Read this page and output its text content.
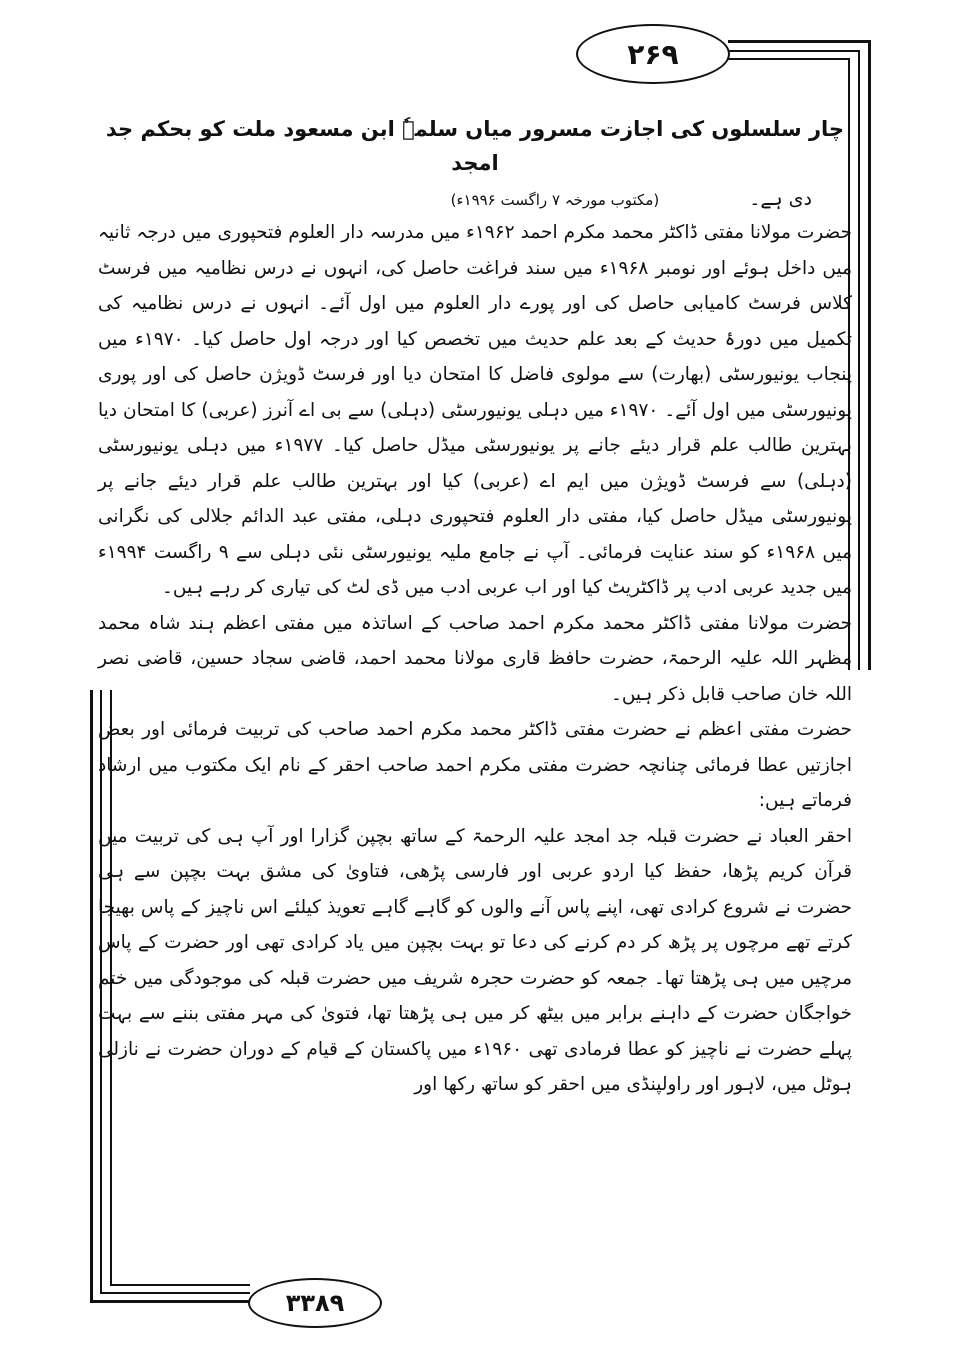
۲۶۹
۳۳۸۹
چار سلسلوں کی اجازت مسرور میاں سلمہٗ ابن مسعود ملت کو بحکم جد امجد
دی ہے۔
(مکتوب مورخہ ۷ راگست ۱۹۹۶ء)

حضرت مولانا مفتی ڈاکٹر محمد مکرم احمد ۱۹۶۲ء میں مدرسہ دار العلوم فتحپوری میں درجہ ثانیہ میں داخل ہوئے اور نومبر ۱۹۶۸ء میں سند فراغت حاصل کی، انہوں نے درس نظامیہ میں فرسٹ کلاس فرسٹ کامیابی حاصل کی اور پورے دار العلوم میں اول آئے۔ انہوں نے درس نظامیہ کی تکمیل میں دورۂ حدیث کے بعد علم حدیث میں تخصص کیا اور درجہ اول حاصل کیا۔ ۱۹۷۰ء میں پنجاب یونیورسٹی (بھارت) سے مولوی فاضل کا امتحان دیا اور فرسٹ ڈویژن حاصل کی اور پوری یونیورسٹی میں اول آئے۔ ۱۹۷۰ء میں دہلی یونیورسٹی (دہلی) سے بی اے آنرز (عربی) کا امتحان دیا بہترین طالب علم قرار دیئے جانے پر یونیورسٹی میڈل حاصل کیا۔ ۱۹۷۷ء میں دہلی یونیورسٹی (دہلی) سے فرسٹ ڈویژن میں ایم اے (عربی) کیا اور بہترین طالب علم قرار دیئے جانے پر یونیورسٹی میڈل حاصل کیا، مفتی دار العلوم فتحپوری دہلی، مفتی عبد الدائم جلالی کی نگرانی میں ۱۹۶۸ء کو سند عنایت فرمائی۔ آپ نے جامع ملیہ یونیورسٹی نئی دہلی سے ۹ راگست ۱۹۹۴ء میں جدید عربی ادب پر ڈاکٹریٹ کیا اور اب عربی ادب میں ڈی لٹ کی تیاری کر رہے ہیں۔

حضرت مولانا مفتی ڈاکٹر محمد مکرم احمد صاحب کے اساتذہ میں مفتی اعظم ہند شاہ محمد مظہر اللہ علیہ الرحمۃ، حضرت حافظ قاری مولانا محمد احمد، قاضی سجاد حسین، قاضی نصر اللہ خان صاحب قابل ذکر ہیں۔

حضرت مفتی اعظم نے حضرت مفتی ڈاکٹر محمد مکرم احمد صاحب کی تربیت فرمائی اور بعض اجازتیں عطا فرمائی چنانچہ حضرت مفتی مکرم احمد صاحب احقر کے نام ایک مکتوب میں ارشاد فرماتے ہیں:

احقر العباد نے حضرت قبلہ جد امجد علیہ الرحمۃ کے ساتھ بچپن گزارا اور آپ ہی کی تربیت میں قرآن کریم پڑھا، حفظ کیا اردو عربی اور فارسی پڑھی، فتاویٰ کی مشق بہت بچپن سے ہی حضرت نے شروع کرادی تھی، اپنے پاس آنے والوں کو گاہے گاہے تعویذ کیلئے اس ناچیز کے پاس بھیجا کرتے تھے مرچوں پر پڑھ کر دم کرنے کی دعا تو بہت بچپن میں یاد کرادی تھی اور حضرت کے پاس مرچیں میں ہی پڑھتا تھا۔ جمعہ کو حضرت حجرہ شریف میں حضرت قبلہ کی موجودگی میں ختم خواجگان حضرت کے داہنے برابر میں بیٹھ کر میں ہی پڑھتا تھا، فتویٰ کی مہر مفتی بننے سے بہت پہلے حضرت نے ناچیز کو عطا فرمادی تھی ۱۹۶۰ء میں پاکستان کے قیام کے دوران حضرت نے نازلی ہوٹل میں، لاہور اور راولپنڈی میں احقر کو ساتھ رکھا اور
